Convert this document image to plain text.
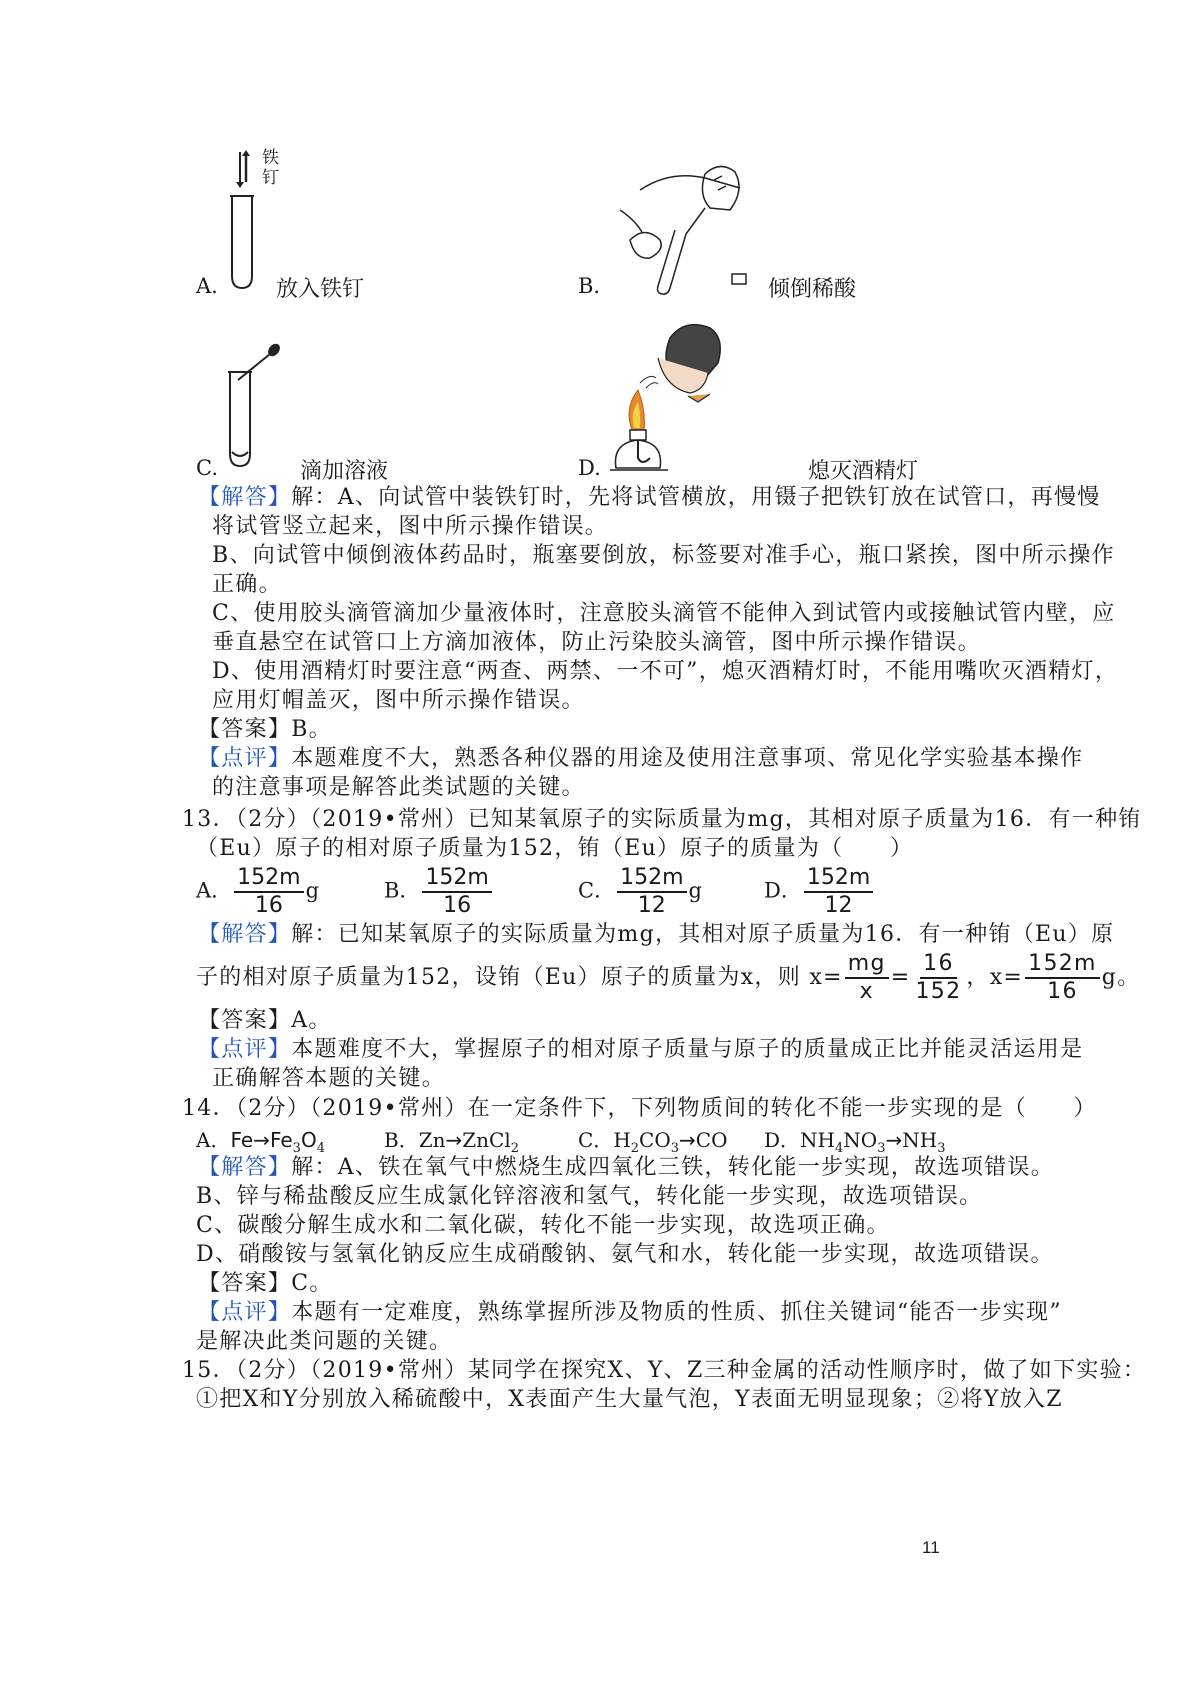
铁钉
A.	放入铁钉	B.	倾倒稀酸
C.	滴加溶液	D.	熄灭酒精灯
【解答】解：A、向试管中装铁钉时，先将试管横放，用镊子把铁钉放在试管口，再慢慢
将试管竖立起来，图中所示操作错误。
B、向试管中倾倒液体药品时，瓶塞要倒放，标签要对准手心，瓶口紧挨，图中所示操作
正确。
C、使用胶头滴管滴加少量液体时，注意胶头滴管不能伸入到试管内或接触试管内壁，应
垂直悬空在试管口上方滴加液体，防止污染胶头滴管，图中所示操作错误。
D、使用酒精灯时要注意“两查、两禁、一不可”，熄灭酒精灯时，不能用嘴吹灭酒精灯，
应用灯帽盖灭，图中所示操作错误。
【答案】B。
【点评】本题难度不大，熟悉各种仪器的用途及使用注意事项、常见化学实验基本操作
的注意事项是解答此类试题的关键。
13．（2分）（2019•常州）已知某氧原子的实际质量为mg，其相对原子质量为16．有一种铕
（Eu）原子的相对原子质量为152，铕（Eu）原子的质量为（　　）
A． $\frac{152m}{16}$ g	B． $\frac{152m}{16}$	C． $\frac{152m}{12}$ g	D． $\frac{152m}{12}$
【解答】解：已知某氧原子的实际质量为mg，其相对原子质量为16．有一种铕（Eu）原
子的相对原子质量为152，设铕（Eu）原子的质量为x，则 $x= \frac{mg}{x} = \frac{16}{152}$ ，$x= \frac{152m}{16}$ g。
【答案】A。
【点评】本题难度不大，掌握原子的相对原子质量与原子的质量成正比并能灵活运用是
正确解答本题的关键。
14．（2分）（2019•常州）在一定条件下，下列物质间的转化不能一步实现的是（　　）
A．$Fe\to Fe_3O_4$	B．Zn→ZnCl$_2$	C．$H_2CO_3\to CO$ D．$NH_4NO_3\to NH_3$
【解答】解：A、铁在氧气中燃烧生成四氧化三铁，转化能一步实现，故选项错误。
B、锌与稀盐酸反应生成氯化锌溶液和氢气，转化能一步实现，故选项错误。
C、碳酸分解生成水和二氧化碳，转化不能一步实现，故选项正确。
D、硝酸铵与氢氧化钠反应生成硝酸钠、氨气和水，转化能一步实现，故选项错误。
【答案】C。
【点评】本题有一定难度，熟练掌握所涉及物质的性质、抓住关键词“能否一步实现”
是解决此类问题的关键。
15．（2分）（2019•常州）某同学在探究X、Y、Z三种金属的活动性顺序时，做了如下实验：
①把X和Y分别放入稀硫酸中，X表面产生大量气泡，Y表面无明显现象；②将Y放入Z
11
